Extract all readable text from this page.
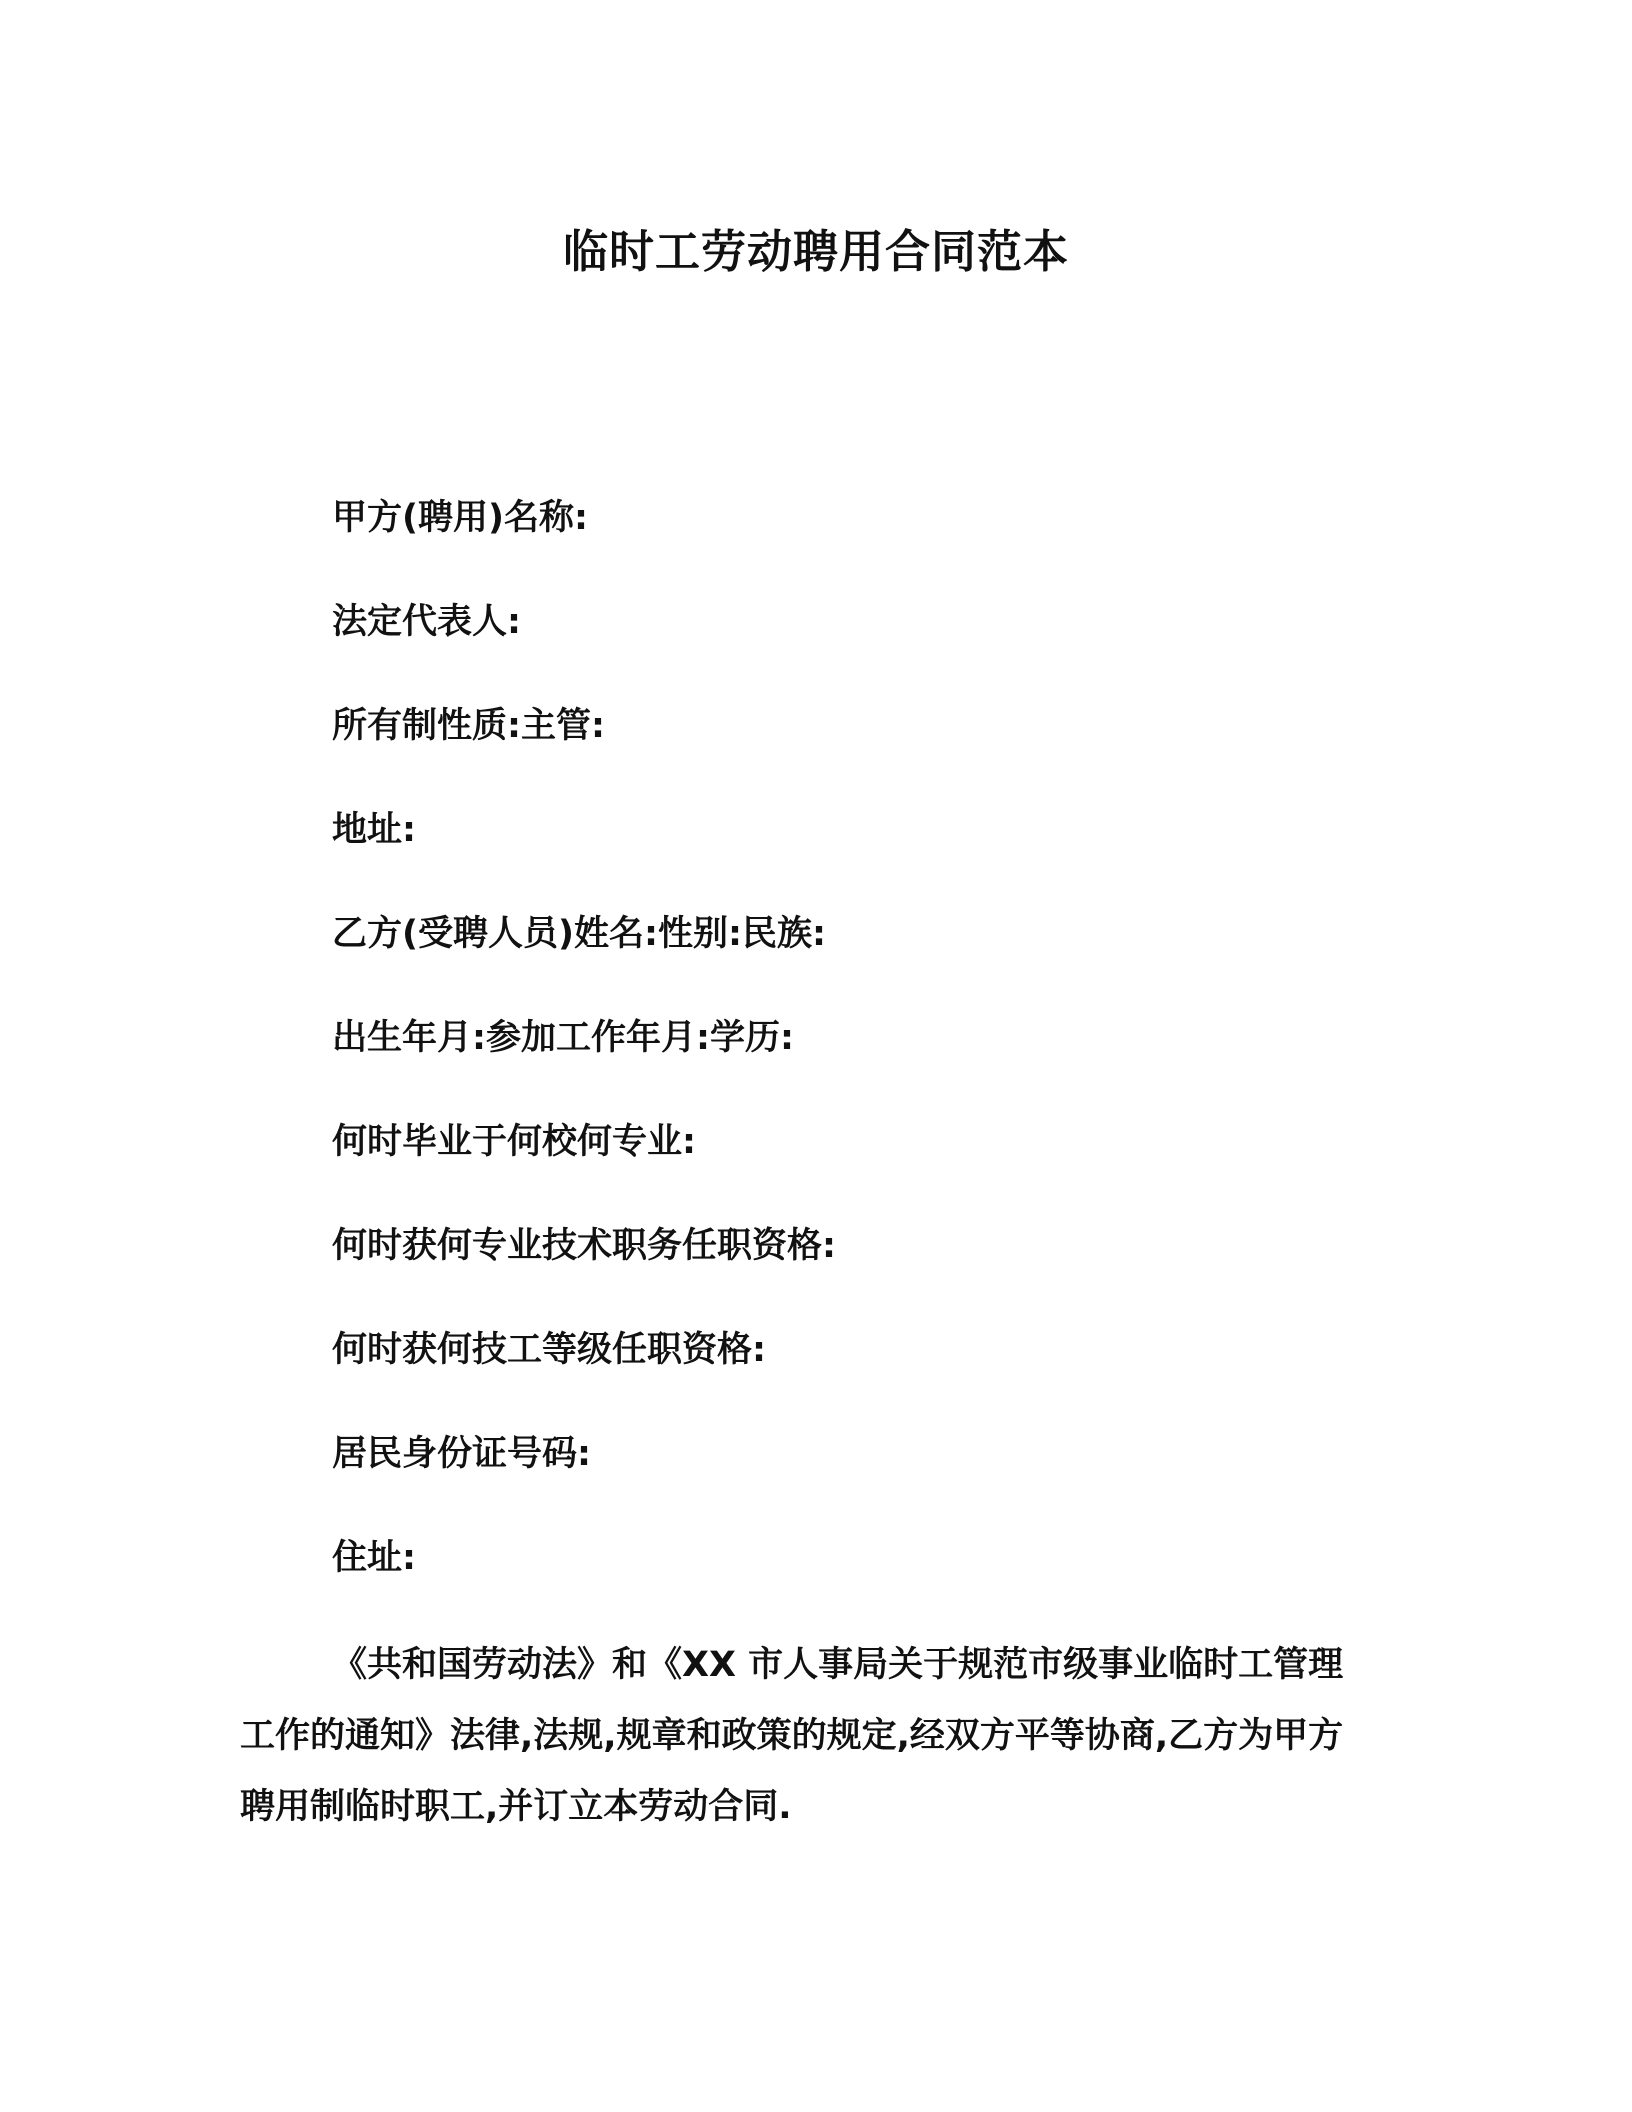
临时工劳动聘用合同范本
甲方(聘用)名称:
法定代表人:
所有制性质:主管:
地址:
乙方(受聘人员)姓名:性别:民族:
出生年月:参加工作年月:学历:
何时毕业于何校何专业:
何时获何专业技术职务任职资格:
何时获何技工等级任职资格:
居民身份证号码:
住址:

《共和国劳动法》和《XX 市人事局关于规范市级事业临时工管理工作的通知》法律,法规,规章和政策的规定,经双方平等协商,乙方为甲方聘用制临时职工,并订立本劳动合同.
